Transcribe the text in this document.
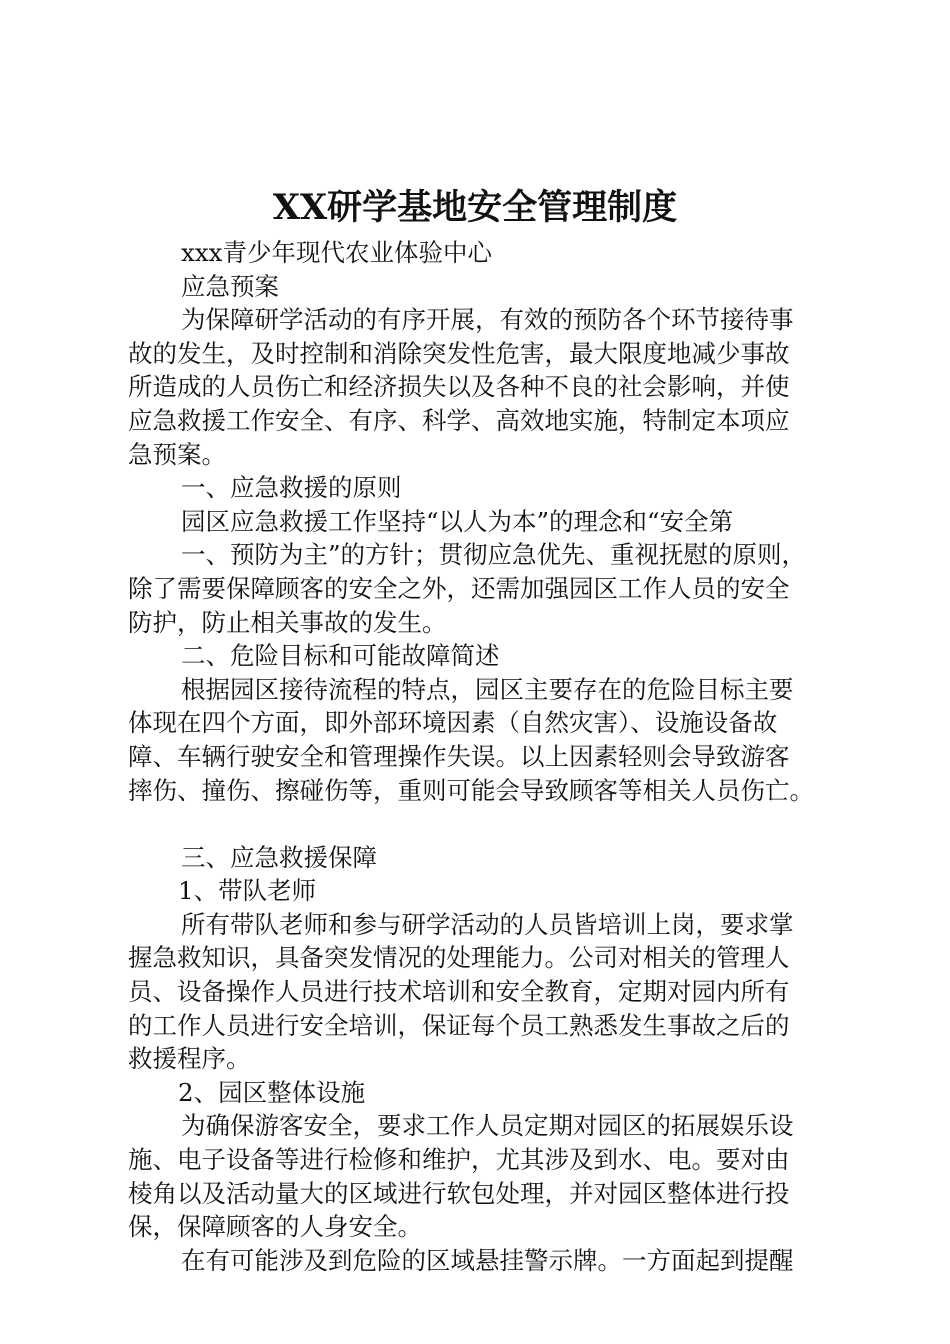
XX研学基地安全管理制度
xxx青少年现代农业体验中心
应急预案
为保障研学活动的有序开展，有效的预防各个环节接待事
故的发生，及时控制和消除突发性危害，最大限度地减少事故
所造成的人员伤亡和经济损失以及各种不良的社会影响，并使
应急救援工作安全、有序、科学、高效地实施，特制定本项应
急预案。
一、应急救援的原则
园区应急救援工作坚持“以人为本”的理念和“安全第
一、预防为主”的方针；贯彻应急优先、重视抚慰的原则，
除了需要保障顾客的安全之外，还需加强园区工作人员的安全
防护，防止相关事故的发生。
二、危险目标和可能故障简述
根据园区接待流程的特点，园区主要存在的危险目标主要
体现在四个方面，即外部环境因素（自然灾害）、设施设备故
障、车辆行驶安全和管理操作失误。以上因素轻则会导致游客
摔伤、撞伤、擦碰伤等，重则可能会导致顾客等相关人员伤亡。
三、应急救援保障
1、带队老师
所有带队老师和参与研学活动的人员皆培训上岗，要求掌
握急救知识，具备突发情况的处理能力。公司对相关的管理人
员、设备操作人员进行技术培训和安全教育，定期对园内所有
的工作人员进行安全培训，保证每个员工熟悉发生事故之后的
救援程序。
2、园区整体设施
为确保游客安全，要求工作人员定期对园区的拓展娱乐设
施、电子设备等进行检修和维护，尤其涉及到水、电。要对由
棱角以及活动量大的区域进行软包处理，并对园区整体进行投
保，保障顾客的人身安全。
在有可能涉及到危险的区域悬挂警示牌。一方面起到提醒
